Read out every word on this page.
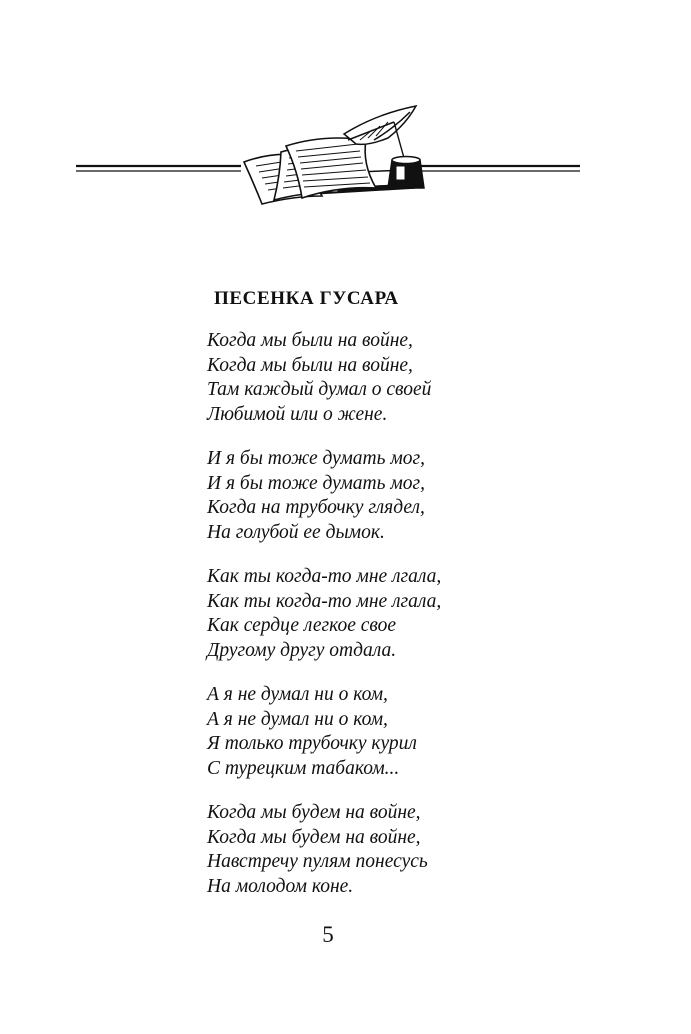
ПЕСЕНКА ГУСАРА
Когда мы были на войне,
Когда мы были на войне,
Там каждый думал о своей
Любимой или о жене.
И я бы тоже думать мог,
И я бы тоже думать мог,
Когда на трубочку глядел,
На голубой ее дымок.
Как ты когда-то мне лгала,
Как ты когда-то мне лгала,
Как сердце легкое свое
Другому другу отдала.
А я не думал ни о ком,
А я не думал ни о ком,
Я только трубочку курил
С турецким табаком...
Когда мы будем на войне,
Когда мы будем на войне,
Навстречу пулям понесусь
На молодом коне.
5
